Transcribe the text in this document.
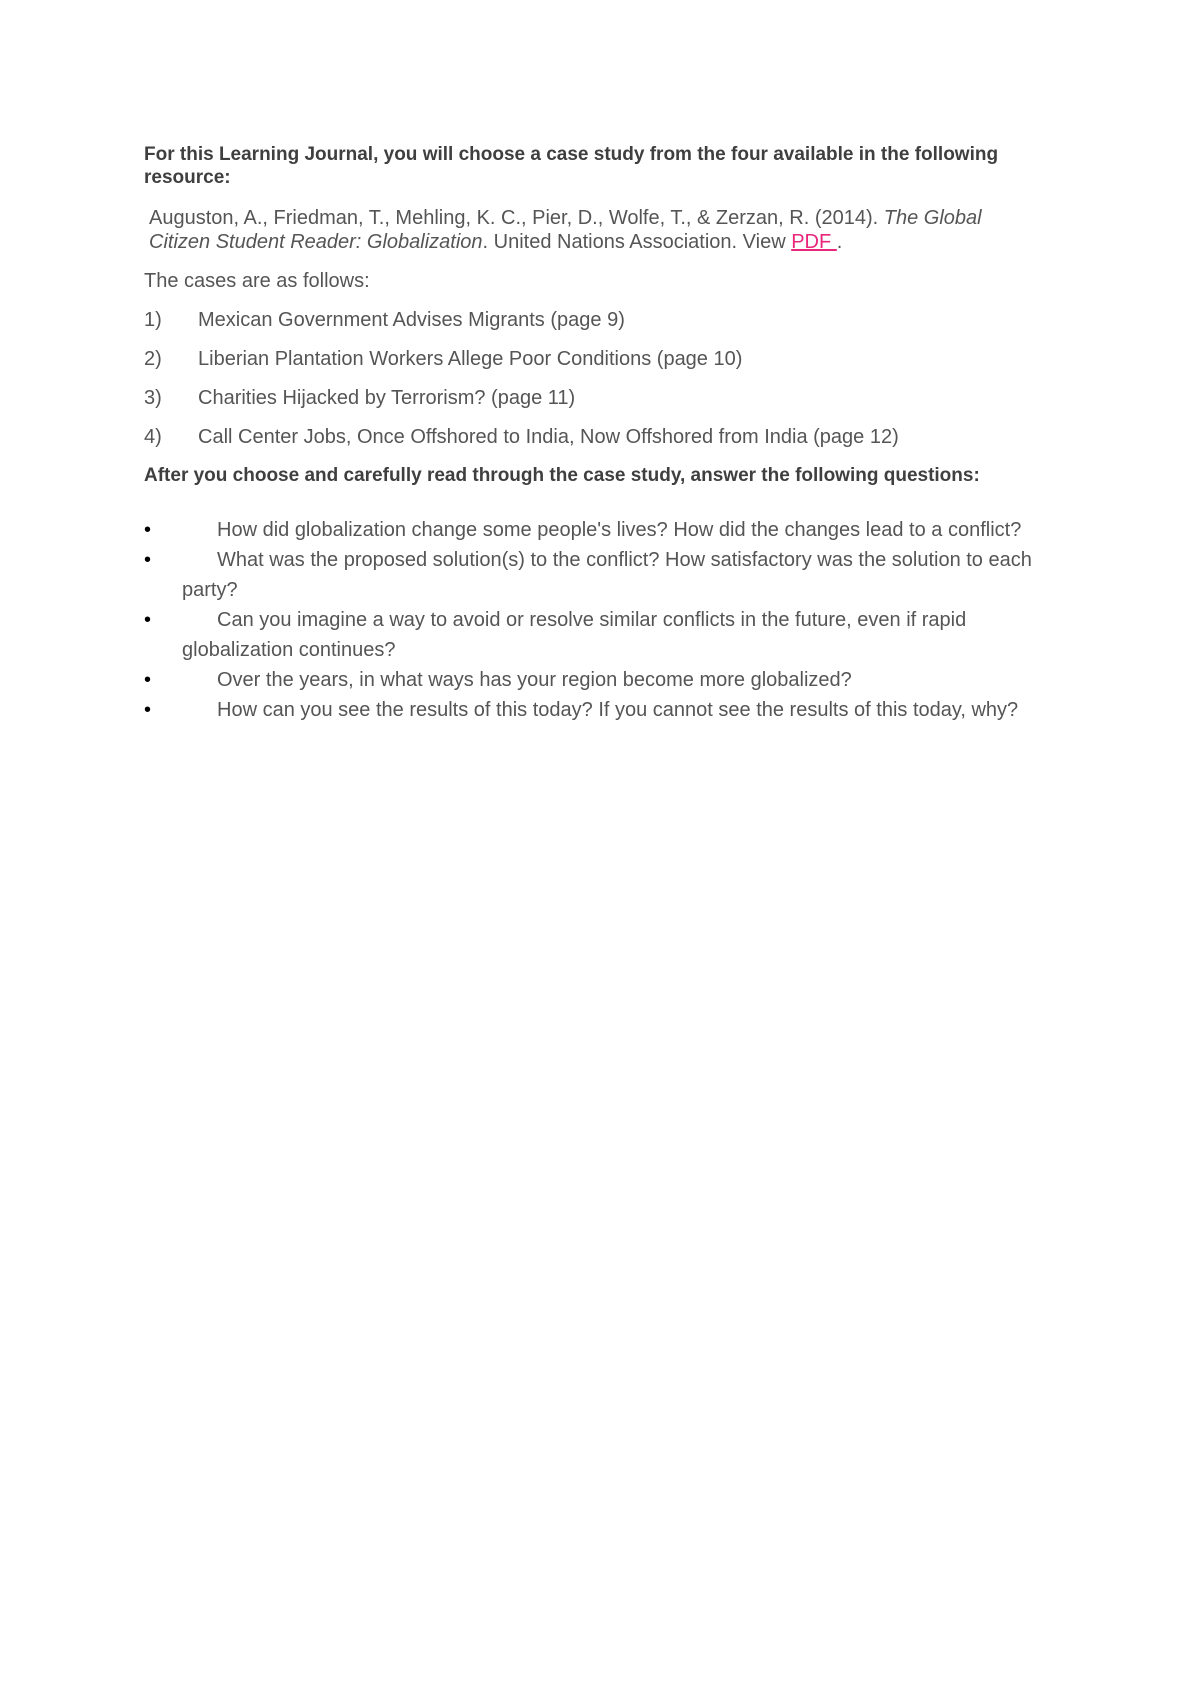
For this Learning Journal, you will choose a case study from the four available in the following resource:

Auguston, A., Friedman, T., Mehling, K. C., Pier, D., Wolfe, T., & Zerzan, R. (2014). The Global Citizen Student Reader: Globalization. United Nations Association. View PDF .

The cases are as follows:

1)	Mexican Government Advises Migrants (page 9)
2)	Liberian Plantation Workers Allege Poor Conditions (page 10)
3)	Charities Hijacked by Terrorism? (page 11)
4)	Call Center Jobs, Once Offshored to India, Now Offshored from India (page 12)

After you choose and carefully read through the case study, answer the following questions:

•	How did globalization change some people's lives? How did the changes lead to a conflict?
•	What was the proposed solution(s) to the conflict? How satisfactory was the solution to each party?
•	Can you imagine a way to avoid or resolve similar conflicts in the future, even if rapid globalization continues?
•	Over the years, in what ways has your region become more globalized?
•	How can you see the results of this today? If you cannot see the results of this today, why?
